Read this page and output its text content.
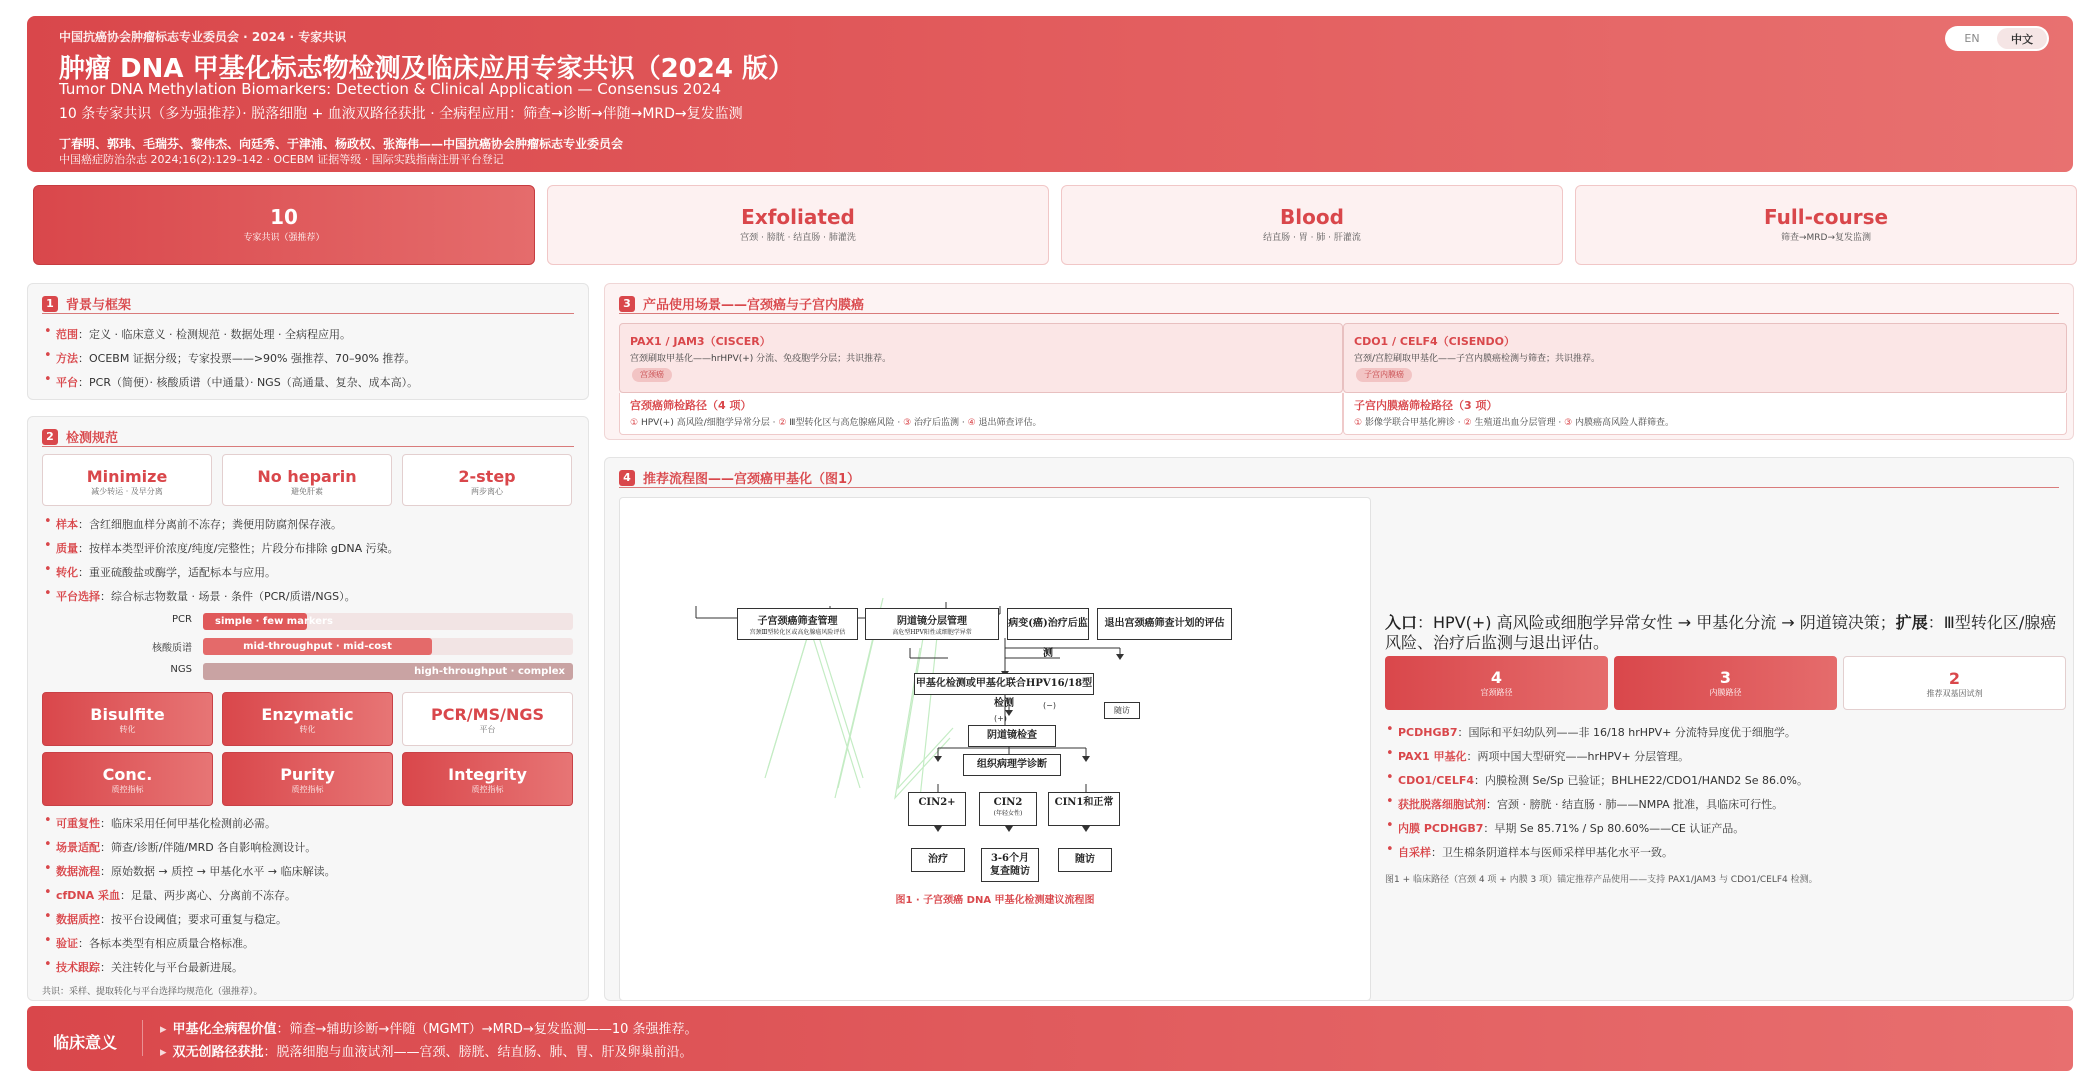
中国抗癌协会肿瘤标志专业委员会 · 2024 · 专家共识
肿瘤 DNA 甲基化标志物检测及临床应用专家共识（2024 版）
Tumor DNA Methylation Biomarkers: Detection & Clinical Application — Consensus 2024
10 条专家共识（多为强推荐）· 脱落细胞 + 血液双路径获批 · 全病程应用：筛查→诊断→伴随→MRD→复发监测
丁春明、郭玮、毛瑞芬、黎伟杰、向廷秀、于津浦、杨政权、张海伟——中国抗癌协会肿瘤标志专业委员会
中国癌症防治杂志 2024;16(2):129–142 · OCEBM 证据等级 · 国际实践指南注册平台登记
EN	中文
10
专家共识（强推荐）
Exfoliated
宫颈 · 膀胱 · 结直肠 · 肺灌洗
Blood
结直肠 · 胃 · 肺 · 肝灌流
Full-course
筛查→MRD→复发监测
1 背景与框架
• 范围：定义 · 临床意义 · 检测规范 · 数据处理 · 全病程应用。
• 方法：OCEBM 证据分级；专家投票——>90% 强推荐、70–90% 推荐。
• 平台：PCR（简便）· 核酸质谱（中通量）· NGS（高通量、复杂、成本高）。
2 检测规范
Minimize
减少转运 · 及早分离
No heparin
避免肝素
2-step
两步离心
• 样本：含红细胞血样分离前不冻存；粪便用防腐剂保存液。
• 质量：按样本类型评价浓度/纯度/完整性；片段分布排除 gDNA 污染。
• 转化：重亚硫酸盐或酶学，适配标本与应用。
• 平台选择：综合标志物数量 · 场景 · 条件（PCR/质谱/NGS）。
PCR	simple · few markers
核酸质谱	mid-throughput · mid-cost
NGS	high-throughput · complex
Bisulfite
转化
Enzymatic
转化
PCR/MS/NGS
平台
Conc.
质控指标
Purity
质控指标
Integrity
质控指标
• 可重复性：临床采用任何甲基化检测前必需。
• 场景适配：筛查/诊断/伴随/MRD 各自影响检测设计。
• 数据流程：原始数据 → 质控 → 甲基化水平 → 临床解读。
• cfDNA 采血：足量、两步离心、分离前不冻存。
• 数据质控：按平台设阈值；要求可重复与稳定。
• 验证：各标本类型有相应质量合格标准。
• 技术跟踪：关注转化与平台最新进展。
共识：采样、提取转化与平台选择均规范化（强推荐）。
3 产品使用场景——宫颈癌与子宫内膜癌
PAX1 / JAM3（CISCER）
宫颈刷取甲基化——hrHPV(+) 分流、免疫胞学分层；共识推荐。
宫颈癌
宫颈癌筛检路径（4 项）
① HPV(+) 高风险/细胞学异常分层 · ② Ⅲ型转化区与高危腺癌风险 · ③ 治疗后监测 · ④ 退出筛查评估。
CDO1 / CELF4（CISENDO）
宫颈/宫腔刷取甲基化——子宫内膜癌检测与筛查；共识推荐。
子宫内膜癌
子宫内膜癌筛检路径（3 项）
① 影像学联合甲基化辨诊 · ② 生殖道出血分层管理 · ③ 内膜癌高风险人群筛查。
4 推荐流程图——宫颈癌甲基化（图1）
子宫颈癌筛查管理
宫颈Ⅲ型转化区或高危腺癌风险评估
阴道镜分层管理
高危型HPV阳性或细胞学异常
病变(癌)治疗后监测
退出宫颈癌筛查计划的评估
甲基化检测或甲基化联合HPV16/18型检测	(−)
(+)
随访
阴道镜检查
组织病理学诊断
CIN2+	CIN2
(年轻女性)
CIN1和正常
治疗	3-6个月
复查随访
随访
图1 · 子宫颈癌 DNA 甲基化检测建议流程图
入口：HPV(+) 高风险或细胞学异常女性 → 甲基化分流 → 阴道镜决策；扩展：Ⅲ型转化区/腺癌风险、治疗后监测与退出评估。
4
宫颈路径
3
内膜路径
2
推荐双基因试剂
• PCDHGB7：国际和平妇幼队列——非 16/18 hrHPV+ 分流特异度优于细胞学。
• PAX1 甲基化：两项中国大型研究——hrHPV+ 分层管理。
• CDO1/CELF4：内膜检测 Se/Sp 已验证；BHLHE22/CDO1/HAND2 Se 86.0%。
• 获批脱落细胞试剂：宫颈 · 膀胱 · 结直肠 · 肺——NMPA 批准，具临床可行性。
• 内膜 PCDHGB7：早期 Se 85.71% / Sp 80.60%——CE 认证产品。
• 自采样：卫生棉条阴道样本与医师采样甲基化水平一致。
图1 + 临床路径（宫颈 4 项 + 内膜 3 项）锚定推荐产品使用——支持 PAX1/JAM3 与 CDO1/CELF4 检测。
临床意义
▸ 甲基化全病程价值：筛查→辅助诊断→伴随（MGMT）→MRD→复发监测——10 条强推荐。
▸ 双无创路径获批：脱落细胞与血液试剂——宫颈、膀胱、结直肠、肺、胃、肝及卵巢前沿。
